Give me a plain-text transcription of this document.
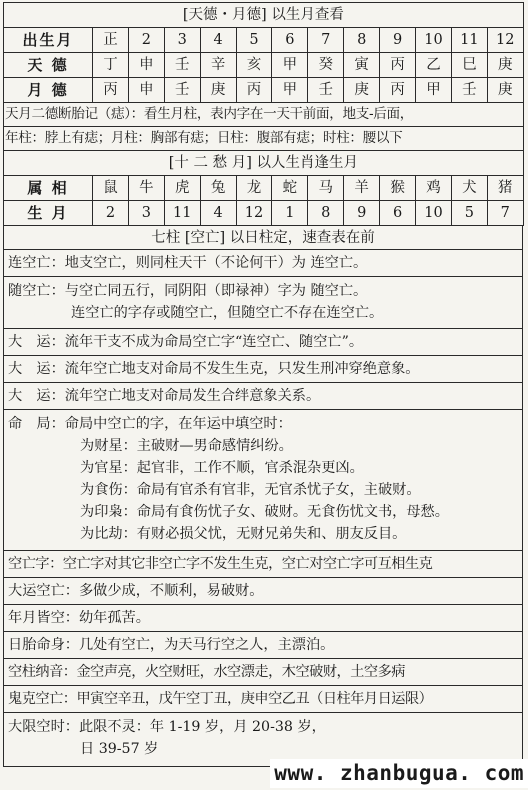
[天德・月德] 以生月查看												
出生月	正	2	3	4	5	6	7	8	9	10	11	12
天 德	丁	申	壬	辛	亥	甲	癸	寅	丙	乙	巳	庚
月 德	丙	申	壬	庚	丙	甲	壬	庚	丙	甲	壬	庚
天月二德断胎记（痣）：看生月柱，表内字在一天干前面，地支-后面，												
年柱：脖上有痣；月柱：胸部有痣；日柱：腹部有痣；时柱：腰以下												
[十 二 愁 月] 以人生肖逢生月												
属 相	鼠	牛	虎	兔	龙	蛇	马	羊	猴	鸡	犬	猪
生 月	2	3	11	4	12	1	8	9	6	10	5	7
七柱 [空亡] 以日柱定，速查表在前
连空亡：地支空亡，则同柱天干（不论何干）为 连空亡。
随空亡：与空亡同五行，同阴阳（即禄神）字为 随空亡。
连空亡的字存或随空亡，但随空亡不存在连空亡。
大　运：流年干支不成为命局空亡字“连空亡、随空亡”。
大　运：流年空亡地支对命局不发生生克，只发生刑冲穿绝意象。
大　运：流年空亡地支对命局发生合绊意象关系。
命　局：命局中空亡的字，在年运中填空时：
为财星：主破财—男命感情纠纷。
为官星：起官非，工作不顺，官杀混杂更凶。
为食伤：命局有官杀有官非，无官杀忧子女，主破财。
为印枭：命局有食伤忧子女、破财。无食伤忧文书，母愁。
为比劫：有财必损父忧，无财兄弟失和、朋友反目。
空亡字：空亡字对其它非空亡字不发生生克，空亡对空亡字可互相生克
大运空亡：多做少成，不顺利，易破财。
年月皆空：幼年孤苦。
日胎命身：几处有空亡，为天马行空之人，主漂泊。
空柱纳音：金空声亮，火空财旺，水空漂走，木空破财，土空多病
鬼克空亡：甲寅空辛丑，戊午空丁丑，庚申空乙丑（日柱年月日运限）
大限空时：此限不灵：年 1-19 岁，月 20-38 岁，
日 39-57 岁
www. zhanbugua. com
